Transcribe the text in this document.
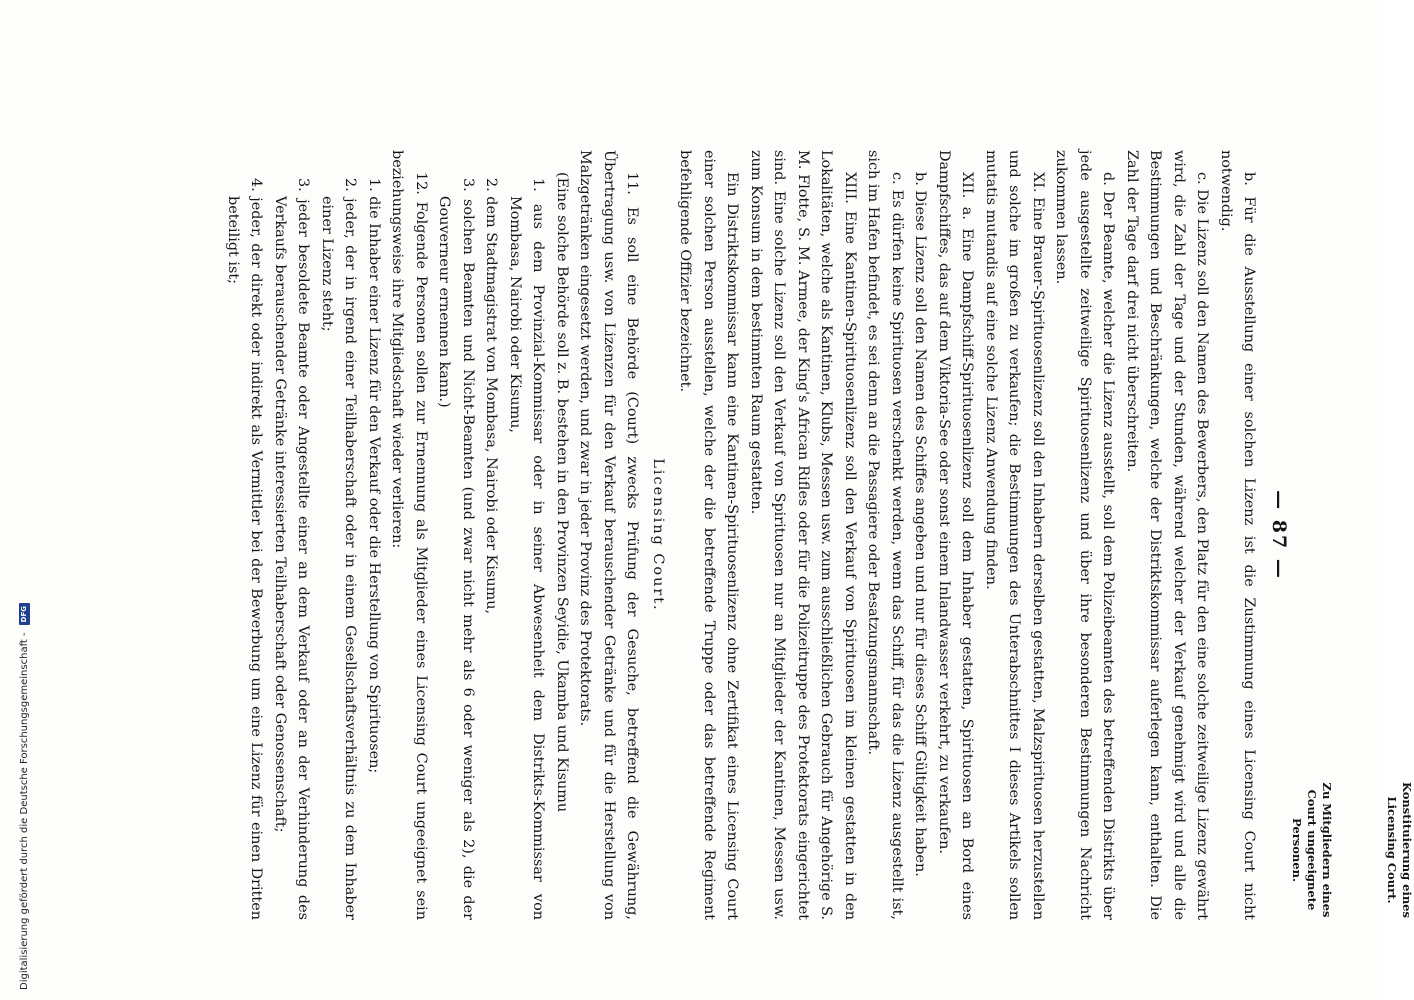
— 87 —

b. Für die Ausstellung einer solchen Lizenz ist die Zustimmung eines Licensing Court nicht notwendig.

c. Die Lizenz soll den Namen des Bewerbers, den Platz für den eine solche zeitweilige Lizenz gewährt wird, die Zahl der Tage und der Stunden, während welcher der Verkauf genehmigt wird und alle die Bestimmungen und Beschränkungen, welche der Distriktskommissar auferlegen kann, enthalten. Die Zahl der Tage darf drei nicht überschreiten.

d. Der Beamte, welcher die Lizenz ausstellt, soll dem Polizeibeamten des betreffenden Distrikts über jede ausgestellte zeitweilige Spirituosenlizenz und über ihre besonderen Bestimmungen Nachricht zukommen lassen.

XI. Eine Brauer-Spirituosenlizenz soll den Inhabern derselben gestatten, Malzspirituosen herzustellen und solche im großen zu verkaufen; die Bestimmungen des Unterabschnittes I dieses Artikels sollen mutatis mutandis auf eine solche Lizenz Anwendung finden.

XII. a. Eine Dampfschiff-Spirituosenlizenz soll dem Inhaber gestatten, Spirituosen an Bord eines Dampfschiffes, das auf dem Viktoria-See oder sonst einem Inlandwasser verkehrt, zu verkaufen.

b. Diese Lizenz soll den Namen des Schiffes angeben und nur für dieses Schiff Gültigkeit haben.

c. Es dürfen keine Spirituosen verschenkt werden, wenn das Schiff, für das die Lizenz ausgestellt ist, sich im Hafen befindet, es sei denn an die Passagiere oder Besatzungsmannschaft.

XIII. Eine Kantinen-Spirituosenlizenz soll den Verkauf von Spirituosen im kleinen gestatten in den Lokalitäten, welche als Kantinen, Klubs, Messen usw. zum ausschließlichen Gebrauch für Angehörige S. M. Flotte, S. M. Armee, der King's African Rifles oder für die Polizeitruppe des Protektorats eingerichtet sind. Eine solche Lizenz soll den Verkauf von Spirituosen nur an Mitglieder der Kantinen, Messen usw. zum Konsum in dem bestimmten Raum gestatten.

Ein Distriktskommissar kann eine Kantinen-Spirituosenlizenz ohne Zertifikat eines Licensing Court einer solchen Person ausstellen, welche der die betreffende Truppe oder das betreffende Regiment befehligende Offizier bezeichnet.

Licensing Court.

11. Es soll eine Behörde (Court) zwecks Prüfung der Gesuche, betreffend die Gewährung, Übertragung usw. von Lizenzen für den Verkauf berauschender Getränke und für die Herstellung von Malzgetränken eingesetzt werden, und zwar in jeder Provinz des Protektorats.

(Eine solche Behörde soll z. B. bestehen in den Provinzen Seyidie, Ukamba und Kisumu

1. aus dem Provinzial-Kommissar oder in seiner Abwesenheit dem Distrikts-Kommissar von Mombasa, Nairobi oder Kisumu,

2. dem Stadtmagistrat von Mombasa, Nairobi oder Kisumu,

3. solchen Beamten und Nicht-Beamten (und zwar nicht mehr als 6 oder weniger als 2), die der Gouverneur ernennen kann.)

12. Folgende Personen sollen zur Ernennung als Mitglieder eines Licensing Court ungeeignet sein beziehungsweise ihre Mitgliedschaft wieder verlieren:

1. die Inhaber einer Lizenz für den Verkauf oder die Herstellung von Spirituosen;

2. jeder, der in irgend einer Teilhaberschaft oder in einem Gesellschaftsverhältnis zu dem Inhaber einer Lizenz steht;

3. jeder besoldete Beamte oder Angestellte einer an dem Verkauf oder an der Verhinderung des Verkaufs berauschender Getränke interessierten Teilhaberschaft oder Genossenschaft;

4. jeder, der direkt oder indirekt als Vermittler bei der Bewerbung um eine Lizenz für einen Dritten beteiligt ist;

Konstituierung eines Licensing Court.
Zu Mitgliedern eines Court ungeeignete Personen.
Digitalisierung gefördert durch die Deutsche Forschungsgemeinschaft - DFG
